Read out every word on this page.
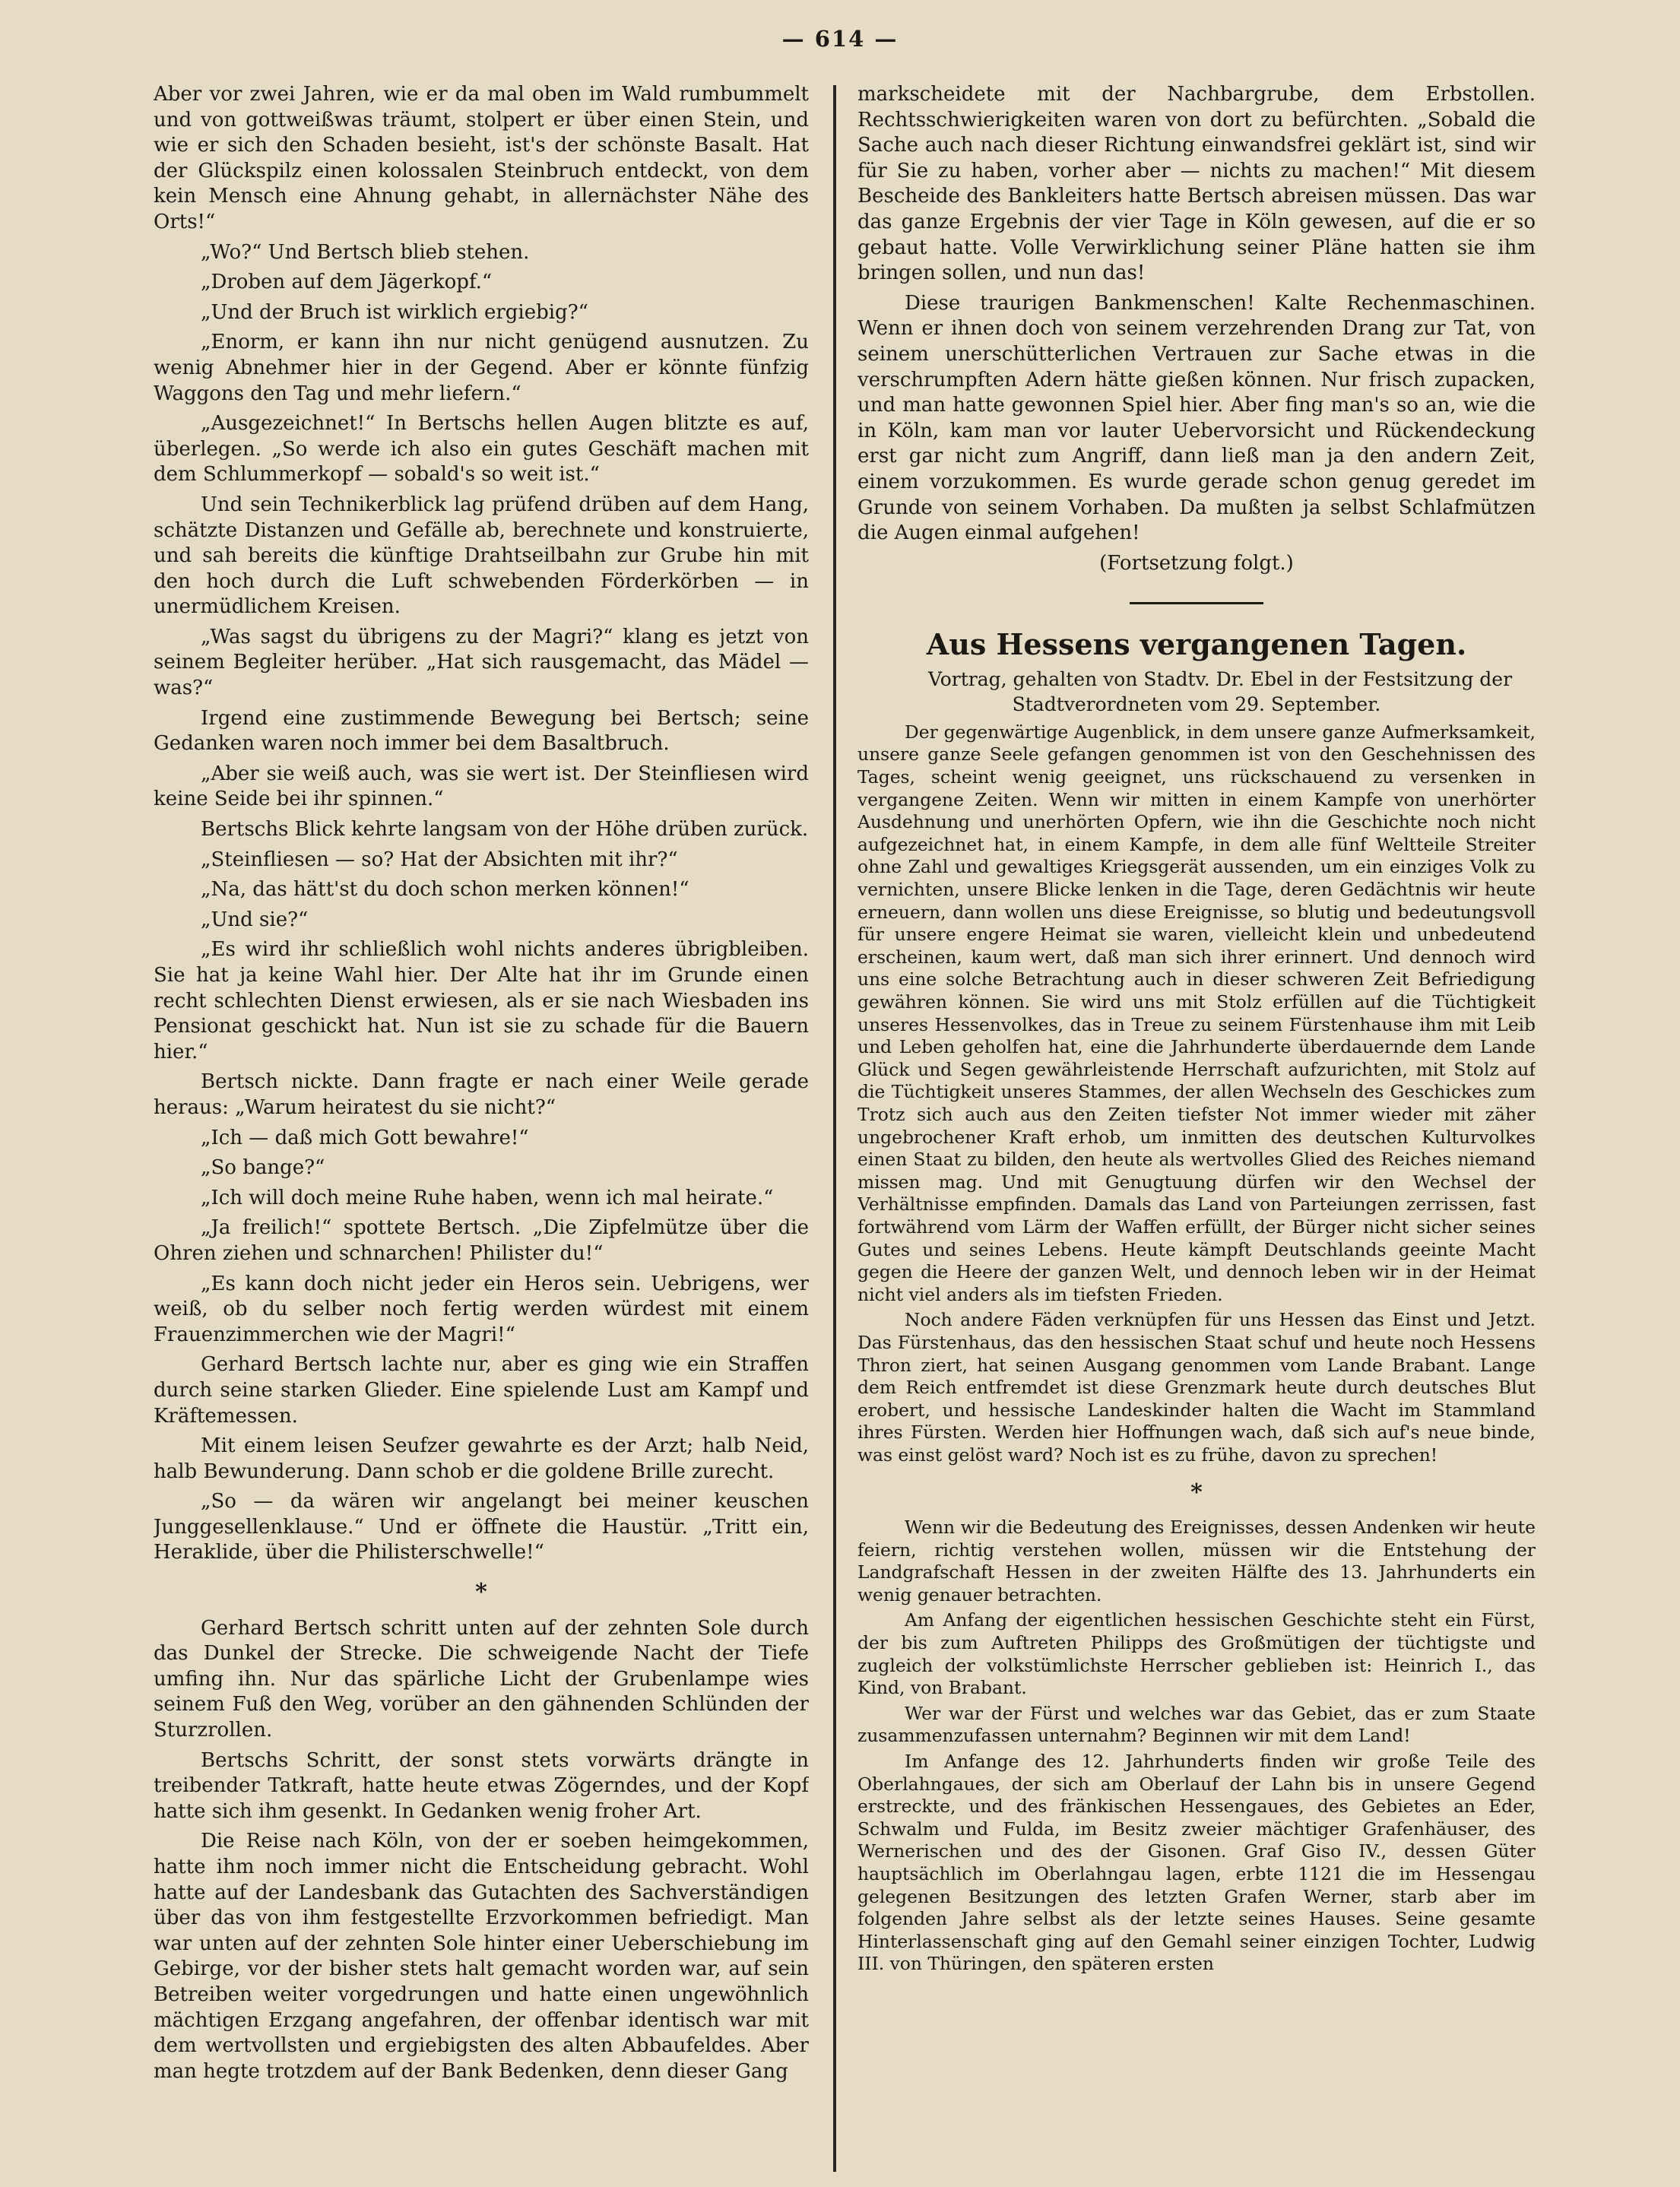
— 614 —

Aber vor zwei Jahren, wie er da mal oben im Wald rumbummelt und von gottweißwas träumt, stolpert er über einen Stein, und wie er sich den Schaden besieht, ist's der schönste Basalt. Hat der Glückspilz einen kolossalen Steinbruch entdeckt, von dem kein Mensch eine Ahnung gehabt, in allernächster Nähe des Orts!“

„Wo?“ Und Bertsch blieb stehen.

„Droben auf dem Jägerkopf.“

„Und der Bruch ist wirklich ergiebig?“

„Enorm, er kann ihn nur nicht genügend ausnutzen. Zu wenig Abnehmer hier in der Gegend. Aber er könnte fünfzig Waggons den Tag und mehr liefern.“

„Ausgezeichnet!“ In Bertschs hellen Augen blitzte es auf, überlegen. „So werde ich also ein gutes Geschäft machen mit dem Schlummerkopf — sobald's so weit ist.“

Und sein Technikerblick lag prüfend drüben auf dem Hang, schätzte Distanzen und Gefälle ab, berechnete und konstruierte, und sah bereits die künftige Drahtseilbahn zur Grube hin mit den hoch durch die Luft schwebenden Förderkörben — in unermüdlichem Kreisen.

„Was sagst du übrigens zu der Magri?“ klang es jetzt von seinem Begleiter herüber. „Hat sich rausgemacht, das Mädel — was?“

Irgend eine zustimmende Bewegung bei Bertsch; seine Gedanken waren noch immer bei dem Basaltbruch.

„Aber sie weiß auch, was sie wert ist. Der Steinfliesen wird keine Seide bei ihr spinnen.“

Bertschs Blick kehrte langsam von der Höhe drüben zurück.

„Steinfliesen — so? Hat der Absichten mit ihr?“

„Na, das hätt'st du doch schon merken können!“

„Und sie?“

„Es wird ihr schließlich wohl nichts anderes übrigbleiben. Sie hat ja keine Wahl hier. Der Alte hat ihr im Grunde einen recht schlechten Dienst erwiesen, als er sie nach Wiesbaden ins Pensionat geschickt hat. Nun ist sie zu schade für die Bauern hier.“

Bertsch nickte. Dann fragte er nach einer Weile gerade heraus: „Warum heiratest du sie nicht?“

„Ich — daß mich Gott bewahre!“

„So bange?“

„Ich will doch meine Ruhe haben, wenn ich mal heirate.“

„Ja freilich!“ spottete Bertsch. „Die Zipfelmütze über die Ohren ziehen und schnarchen! Philister du!“

„Es kann doch nicht jeder ein Heros sein. Uebrigens, wer weiß, ob du selber noch fertig werden würdest mit einem Frauenzimmerchen wie der Magri!“

Gerhard Bertsch lachte nur, aber es ging wie ein Straffen durch seine starken Glieder. Eine spielende Lust am Kampf und Kräftemessen.

Mit einem leisen Seufzer gewahrte es der Arzt; halb Neid, halb Bewunderung. Dann schob er die goldene Brille zurecht.

„So — da wären wir angelangt bei meiner keuschen Junggesellenklause.“ Und er öffnete die Haustür. „Tritt ein, Heraklide, über die Philisterschwelle!“

*

Gerhard Bertsch schritt unten auf der zehnten Sole durch das Dunkel der Strecke. Die schweigende Nacht der Tiefe umfing ihn. Nur das spärliche Licht der Grubenlampe wies seinem Fuß den Weg, vorüber an den gähnenden Schlünden der Sturzrollen.

Bertschs Schritt, der sonst stets vorwärts drängte in treibender Tatkraft, hatte heute etwas Zögerndes, und der Kopf hatte sich ihm gesenkt. In Gedanken wenig froher Art.

Die Reise nach Köln, von der er soeben heimgekommen, hatte ihm noch immer nicht die Entscheidung gebracht. Wohl hatte auf der Landesbank das Gutachten des Sachverständigen über das von ihm festgestellte Erzvorkommen befriedigt. Man war unten auf der zehnten Sole hinter einer Ueberschiebung im Gebirge, vor der bisher stets halt gemacht worden war, auf sein Betreiben weiter vorgedrungen und hatte einen ungewöhnlich mächtigen Erzgang angefahren, der offenbar identisch war mit dem wertvollsten und ergiebigsten des alten Abbaufeldes. Aber man hegte trotzdem auf der Bank Bedenken, denn dieser Gang

markscheidete mit der Nachbargrube, dem Erbstollen. Rechtsschwierigkeiten waren von dort zu befürchten. „Sobald die Sache auch nach dieser Richtung einwandsfrei geklärt ist, sind wir für Sie zu haben, vorher aber — nichts zu machen!“ Mit diesem Bescheide des Bankleiters hatte Bertsch abreisen müssen. Das war das ganze Ergebnis der vier Tage in Köln gewesen, auf die er so gebaut hatte. Volle Verwirklichung seiner Pläne hatten sie ihm bringen sollen, und nun das!

Diese traurigen Bankmenschen! Kalte Rechenmaschinen. Wenn er ihnen doch von seinem verzehrenden Drang zur Tat, von seinem unerschütterlichen Vertrauen zur Sache etwas in die verschrumpften Adern hätte gießen können. Nur frisch zupacken, und man hatte gewonnen Spiel hier. Aber fing man's so an, wie die in Köln, kam man vor lauter Uebervorsicht und Rückendeckung erst gar nicht zum Angriff, dann ließ man ja den andern Zeit, einem vorzukommen. Es wurde gerade schon genug geredet im Grunde von seinem Vorhaben. Da mußten ja selbst Schlafmützen die Augen einmal aufgehen!

(Fortsetzung folgt.)

Aus Hessens vergangenen Tagen.

Vortrag, gehalten von Stadtv. Dr. Ebel in der Festsitzung der Stadtverordneten vom 29. September.

Der gegenwärtige Augenblick, in dem unsere ganze Aufmerksamkeit, unsere ganze Seele gefangen genommen ist von den Geschehnissen des Tages, scheint wenig geeignet, uns rückschauend zu versenken in vergangene Zeiten. Wenn wir mitten in einem Kampfe von unerhörter Ausdehnung und unerhörten Opfern, wie ihn die Geschichte noch nicht aufgezeichnet hat, in einem Kampfe, in dem alle fünf Weltteile Streiter ohne Zahl und gewaltiges Kriegsgerät aussenden, um ein einziges Volk zu vernichten, unsere Blicke lenken in die Tage, deren Gedächtnis wir heute erneuern, dann wollen uns diese Ereignisse, so blutig und bedeutungsvoll für unsere engere Heimat sie waren, vielleicht klein und unbedeutend erscheinen, kaum wert, daß man sich ihrer erinnert. Und dennoch wird uns eine solche Betrachtung auch in dieser schweren Zeit Befriedigung gewähren können. Sie wird uns mit Stolz erfüllen auf die Tüchtigkeit unseres Hessenvolkes, das in Treue zu seinem Fürstenhause ihm mit Leib und Leben geholfen hat, eine die Jahrhunderte überdauernde dem Lande Glück und Segen gewährleistende Herrschaft aufzurichten, mit Stolz auf die Tüchtigkeit unseres Stammes, der allen Wechseln des Geschickes zum Trotz sich auch aus den Zeiten tiefster Not immer wieder mit zäher ungebrochener Kraft erhob, um inmitten des deutschen Kulturvolkes einen Staat zu bilden, den heute als wertvolles Glied des Reiches niemand missen mag. Und mit Genugtuung dürfen wir den Wechsel der Verhältnisse empfinden. Damals das Land von Parteiungen zerrissen, fast fortwährend vom Lärm der Waffen erfüllt, der Bürger nicht sicher seines Gutes und seines Lebens. Heute kämpft Deutschlands geeinte Macht gegen die Heere der ganzen Welt, und dennoch leben wir in der Heimat nicht viel anders als im tiefsten Frieden.

Noch andere Fäden verknüpfen für uns Hessen das Einst und Jetzt. Das Fürstenhaus, das den hessischen Staat schuf und heute noch Hessens Thron ziert, hat seinen Ausgang genommen vom Lande Brabant. Lange dem Reich entfremdet ist diese Grenzmark heute durch deutsches Blut erobert, und hessische Landeskinder halten die Wacht im Stammland ihres Fürsten. Werden hier Hoffnungen wach, daß sich auf's neue binde, was einst gelöst ward? Noch ist es zu frühe, davon zu sprechen!

*

Wenn wir die Bedeutung des Ereignisses, dessen Andenken wir heute feiern, richtig verstehen wollen, müssen wir die Entstehung der Landgrafschaft Hessen in der zweiten Hälfte des 13. Jahrhunderts ein wenig genauer betrachten.

Am Anfang der eigentlichen hessischen Geschichte steht ein Fürst, der bis zum Auftreten Philipps des Großmütigen der tüchtigste und zugleich der volkstümlichste Herrscher geblieben ist: Heinrich I., das Kind, von Brabant.

Wer war der Fürst und welches war das Gebiet, das er zum Staate zusammenzufassen unternahm? Beginnen wir mit dem Land!

Im Anfange des 12. Jahrhunderts finden wir große Teile des Oberlahngaues, der sich am Oberlauf der Lahn bis in unsere Gegend erstreckte, und des fränkischen Hessengaues, des Gebietes an Eder, Schwalm und Fulda, im Besitz zweier mächtiger Grafenhäuser, des Wernerischen und des der Gisonen. Graf Giso IV., dessen Güter hauptsächlich im Oberlahngau lagen, erbte 1121 die im Hessengau gelegenen Besitzungen des letzten Grafen Werner, starb aber im folgenden Jahre selbst als der letzte seines Hauses. Seine gesamte Hinterlassenschaft ging auf den Gemahl seiner einzigen Tochter, Ludwig III. von Thüringen, den späteren ersten
